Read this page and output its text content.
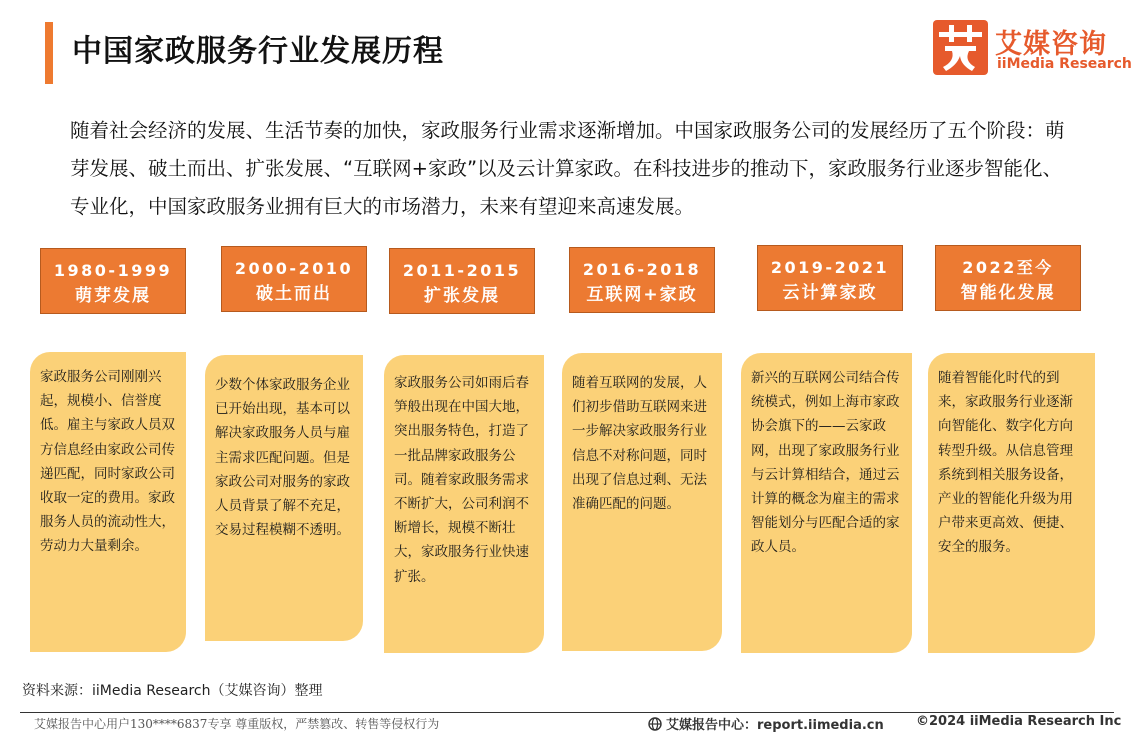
中国家政服务行业发展历程	艾媒咨询
iiMedia Research
随着社会经济的发展、生活节奏的加快，家政服务行业需求逐渐增加。中国家政服务公司的发展经历了五个阶段：萌芽发展、破土而出、扩张发展、“互联网+家政”以及云计算家政。在科技进步的推动下，家政服务行业逐步智能化、专业化，中国家政服务业拥有巨大的市场潜力，未来有望迎来高速发展。
1980-1999
萌芽发展
家政服务公司刚刚兴起，规模小、信誉度低。雇主与家政人员双方信息经由家政公司传递匹配，同时家政公司收取一定的费用。家政服务人员的流动性大，劳动力大量剩余。
2000-2010
破土而出
少数个体家政服务企业已开始出现，基本可以解决家政服务人员与雇主需求匹配问题。但是家政公司对服务的家政人员背景了解不充足，交易过程模糊不透明。
2011-2015
扩张发展
家政服务公司如雨后春笋般出现在中国大地，突出服务特色，打造了一批品牌家政服务公司。随着家政服务需求不断扩大，公司利润不断增长，规模不断壮大，家政服务行业快速扩张。
2016-2018
互联网+家政
随着互联网的发展，人们初步借助互联网来进一步解决家政服务行业信息不对称问题，同时出现了信息过剩、无法准确匹配的问题。
2019-2021
云计算家政
新兴的互联网公司结合传统模式，例如上海市家政协会旗下的——云家政网，出现了家政服务行业与云计算相结合，通过云计算的概念为雇主的需求智能划分与匹配合适的家政人员。
2022至今
智能化发展
随着智能化时代的到来，家政服务行业逐渐向智能化、数字化方向转型升级。从信息管理系统到相关服务设备，产业的智能化升级为用户带来更高效、便捷、安全的服务。
资料来源：iiMedia Research（艾媒咨询）整理
艾媒报告中心用户130****6837专享 尊重版权，严禁篡改、转售等侵权行为	艾媒报告中心：report.iimedia.cn ©2024 iiMedia Research Inc
